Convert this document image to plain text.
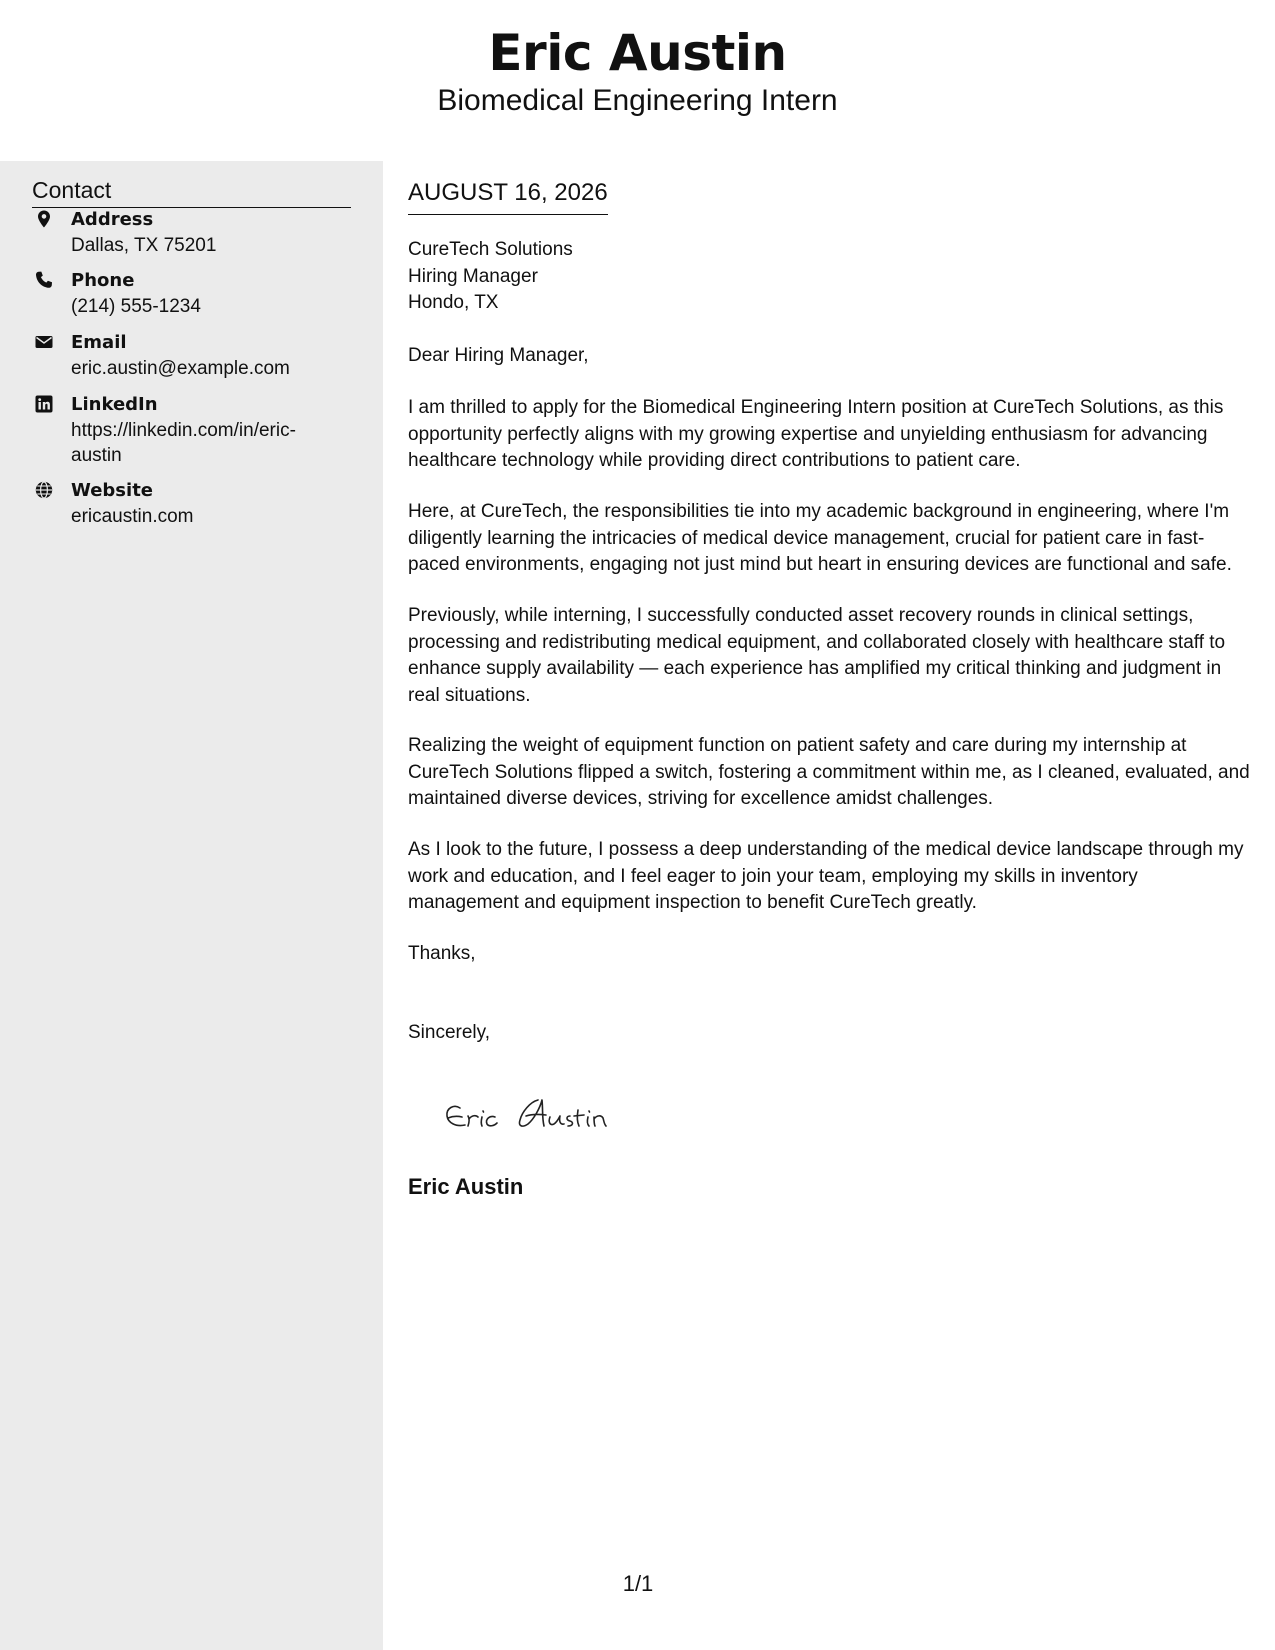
Eric Austin
Biomedical Engineering Intern
Contact
Address
Dallas, TX 75201
Phone
(214) 555-1234
Email
eric.austin@example.com
LinkedIn
https://linkedin.com/in/eric-austin
Website
ericaustin.com
AUGUST 16, 2026
CureTech Solutions
Hiring Manager
Hondo, TX

Dear Hiring Manager,

I am thrilled to apply for the Biomedical Engineering Intern position at CureTech Solutions, as this opportunity perfectly aligns with my growing expertise and unyielding enthusiasm for advancing healthcare technology while providing direct contributions to patient care.

Here, at CureTech, the responsibilities tie into my academic background in engineering, where I'm diligently learning the intricacies of medical device management, crucial for patient care in fast-paced environments, engaging not just mind but heart in ensuring devices are functional and safe.

Previously, while interning, I successfully conducted asset recovery rounds in clinical settings, processing and redistributing medical equipment, and collaborated closely with healthcare staff to enhance supply availability — each experience has amplified my critical thinking and judgment in real situations.

Realizing the weight of equipment function on patient safety and care during my internship at CureTech Solutions flipped a switch, fostering a commitment within me, as I cleaned, evaluated, and maintained diverse devices, striving for excellence amidst challenges.

As I look to the future, I possess a deep understanding of the medical device landscape through my work and education, and I feel eager to join your team, employing my skills in inventory management and equipment inspection to benefit CureTech greatly.

Thanks,

Sincerely,

Eric Austin
1/1
